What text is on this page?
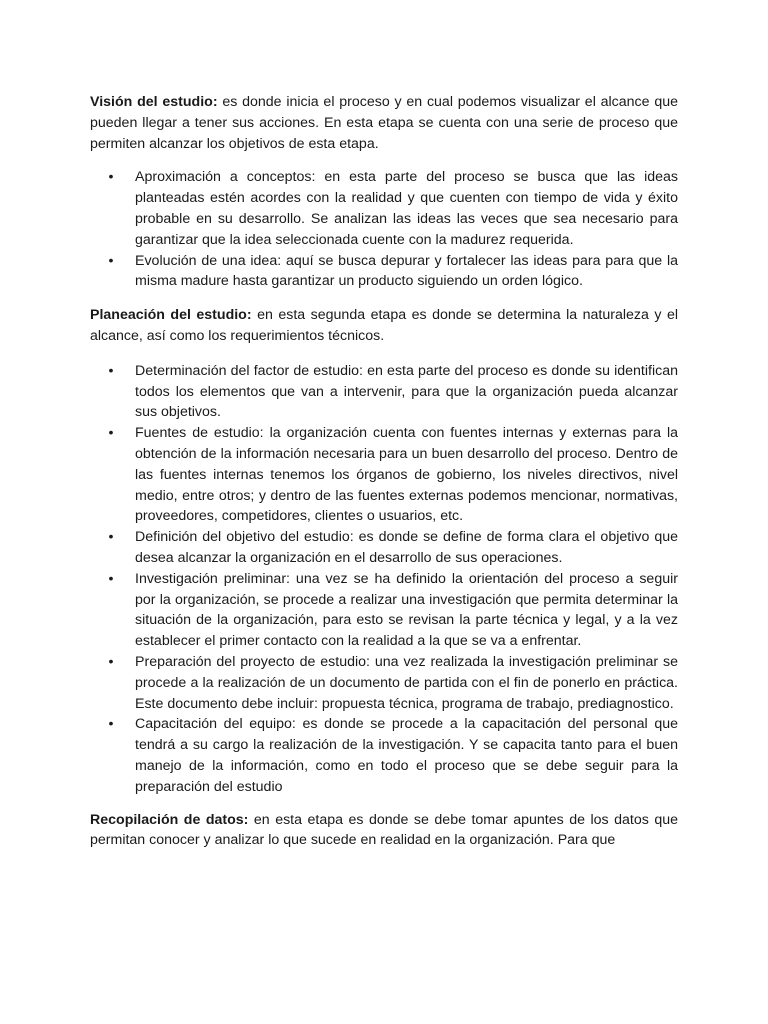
Visión del estudio: es donde inicia el proceso y en cual podemos visualizar el alcance que pueden llegar a tener sus acciones. En esta etapa se cuenta con una serie de proceso que permiten alcanzar los objetivos de esta etapa.

• Aproximación a conceptos: en esta parte del proceso se busca que las ideas planteadas estén acordes con la realidad y que cuenten con tiempo de vida y éxito probable en su desarrollo. Se analizan las ideas las veces que sea necesario para garantizar que la idea seleccionada cuente con la madurez requerida.
• Evolución de una idea: aquí se busca depurar y fortalecer las ideas para para que la misma madure hasta garantizar un producto siguiendo un orden lógico.

Planeación del estudio: en esta segunda etapa es donde se determina la naturaleza y el alcance, así como los requerimientos técnicos.

• Determinación del factor de estudio: en esta parte del proceso es donde su identifican todos los elementos que van a intervenir, para que la organización pueda alcanzar sus objetivos.
• Fuentes de estudio: la organización cuenta con fuentes internas y externas para la obtención de la información necesaria para un buen desarrollo del proceso. Dentro de las fuentes internas tenemos los órganos de gobierno, los niveles directivos, nivel medio, entre otros; y dentro de las fuentes externas podemos mencionar, normativas, proveedores, competidores, clientes o usuarios, etc.
• Definición del objetivo del estudio: es donde se define de forma clara el objetivo que desea alcanzar la organización en el desarrollo de sus operaciones.
• Investigación preliminar: una vez se ha definido la orientación del proceso a seguir por la organización, se procede a realizar una investigación que permita determinar la situación de la organización, para esto se revisan la parte técnica y legal, y a la vez establecer el primer contacto con la realidad a la que se va a enfrentar.
• Preparación del proyecto de estudio: una vez realizada la investigación preliminar se procede a la realización de un documento de partida con el fin de ponerlo en práctica. Este documento debe incluir: propuesta técnica, programa de trabajo, prediagnostico.
• Capacitación del equipo: es donde se procede a la capacitación del personal que tendrá a su cargo la realización de la investigación. Y se capacita tanto para el buen manejo de la información, como en todo el proceso que se debe seguir para la preparación del estudio

Recopilación de datos: en esta etapa es donde se debe tomar apuntes de los datos que permitan conocer y analizar lo que sucede en realidad en la organización. Para que
